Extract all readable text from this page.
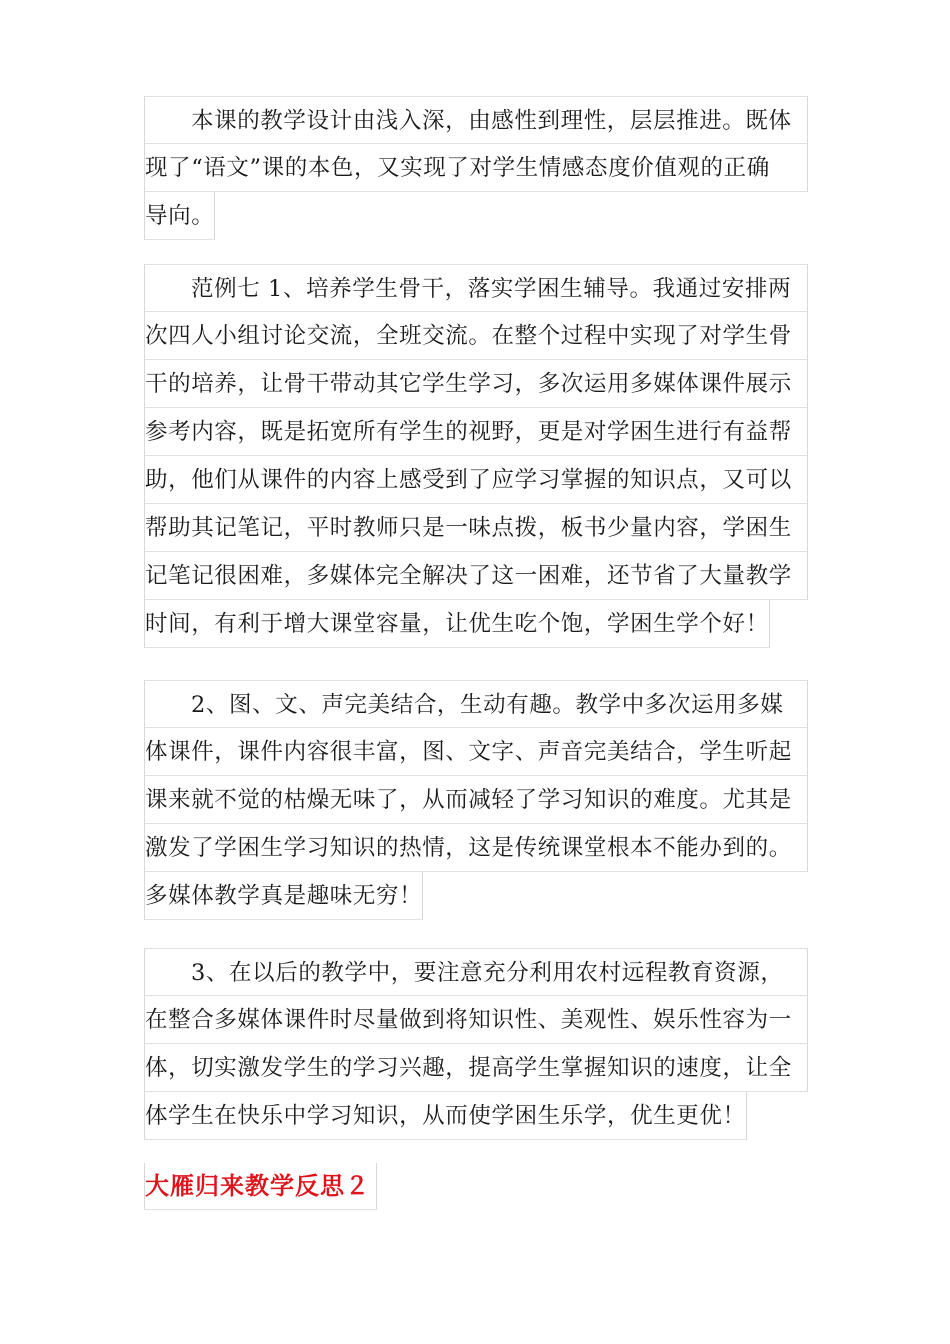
本课的教学设计由浅入深，由感性到理性，层层推进。既体
现了“语文”课的本色，又实现了对学生情感态度价值观的正确
导向。
范例七 1、培养学生骨干，落实学困生辅导。我通过安排两
次四人小组讨论交流，全班交流。在整个过程中实现了对学生骨
干的培养，让骨干带动其它学生学习，多次运用多媒体课件展示
参考内容，既是拓宽所有学生的视野，更是对学困生进行有益帮
助，他们从课件的内容上感受到了应学习掌握的知识点，又可以
帮助其记笔记，平时教师只是一味点拨，板书少量内容，学困生
记笔记很困难，多媒体完全解决了这一困难，还节省了大量教学
时间，有利于增大课堂容量，让优生吃个饱，学困生学个好！
2、图、文、声完美结合，生动有趣。教学中多次运用多媒
体课件，课件内容很丰富，图、文字、声音完美结合，学生听起
课来就不觉的枯燥无味了，从而减轻了学习知识的难度。尤其是
激发了学困生学习知识的热情，这是传统课堂根本不能办到的。
多媒体教学真是趣味无穷！
3、在以后的教学中，要注意充分利用农村远程教育资源，
在整合多媒体课件时尽量做到将知识性、美观性、娱乐性容为一
体，切实激发学生的学习兴趣，提高学生掌握知识的速度，让全
体学生在快乐中学习知识，从而使学困生乐学，优生更优！
大雁归来教学反思２
